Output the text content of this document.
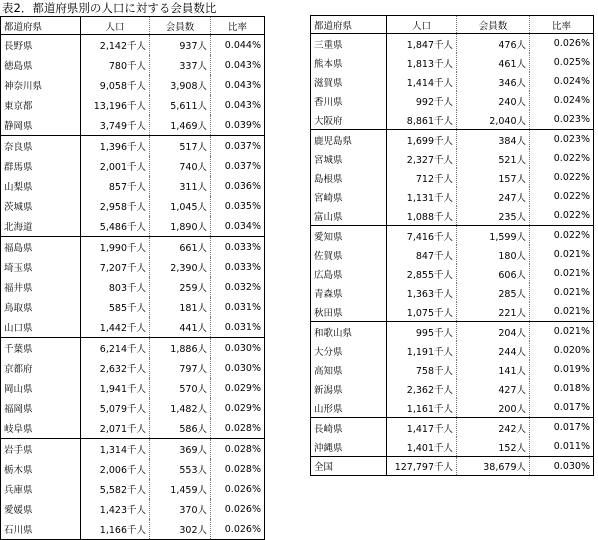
表2．都道府県別の人口に対する会員数比
都道府県	人口	会員数	比率
長野県	2,142千人	937人	0.044%
徳島県	780千人	337人	0.043%
神奈川県	9,058千人	3,908人	0.043%
東京都	13,196千人	5,611人	0.043%
静岡県	3,749千人	1,469人	0.039%
奈良県	1,396千人	517人	0.037%
群馬県	2,001千人	740人	0.037%
山梨県	857千人	311人	0.036%
茨城県	2,958千人	1,045人	0.035%
北海道	5,486千人	1,890人	0.034%
福島県	1,990千人	661人	0.033%
埼玉県	7,207千人	2,390人	0.033%
福井県	803千人	259人	0.032%
鳥取県	585千人	181人	0.031%
山口県	1,442千人	441人	0.031%
千葉県	6,214千人	1,886人	0.030%
京都府	2,632千人	797人	0.030%
岡山県	1,941千人	570人	0.029%
福岡県	5,079千人	1,482人	0.029%
岐阜県	2,071千人	586人	0.028%
岩手県	1,314千人	369人	0.028%
栃木県	2,006千人	553人	0.028%
兵庫県	5,582千人	1,459人	0.026%
愛媛県	1,423千人	370人	0.026%
石川県	1,166千人	302人	0.026%
都道府県	人口	会員数	比率
三重県	1,847千人	476人	0.026%
熊本県	1,813千人	461人	0.025%
滋賀県	1,414千人	346人	0.024%
香川県	992千人	240人	0.024%
大阪府	8,861千人	2,040人	0.023%
鹿児島県	1,699千人	384人	0.023%
宮城県	2,327千人	521人	0.022%
島根県	712千人	157人	0.022%
宮崎県	1,131千人	247人	0.022%
富山県	1,088千人	235人	0.022%
愛知県	7,416千人	1,599人	0.022%
佐賀県	847千人	180人	0.021%
広島県	2,855千人	606人	0.021%
青森県	1,363千人	285人	0.021%
秋田県	1,075千人	221人	0.021%
和歌山県	995千人	204人	0.021%
大分県	1,191千人	244人	0.020%
高知県	758千人	141人	0.019%
新潟県	2,362千人	427人	0.018%
山形県	1,161千人	200人	0.017%
長崎県	1,417千人	242人	0.017%
沖縄県	1,401千人	152人	0.011%
全国	127,797千人	38,679人	0.030%
